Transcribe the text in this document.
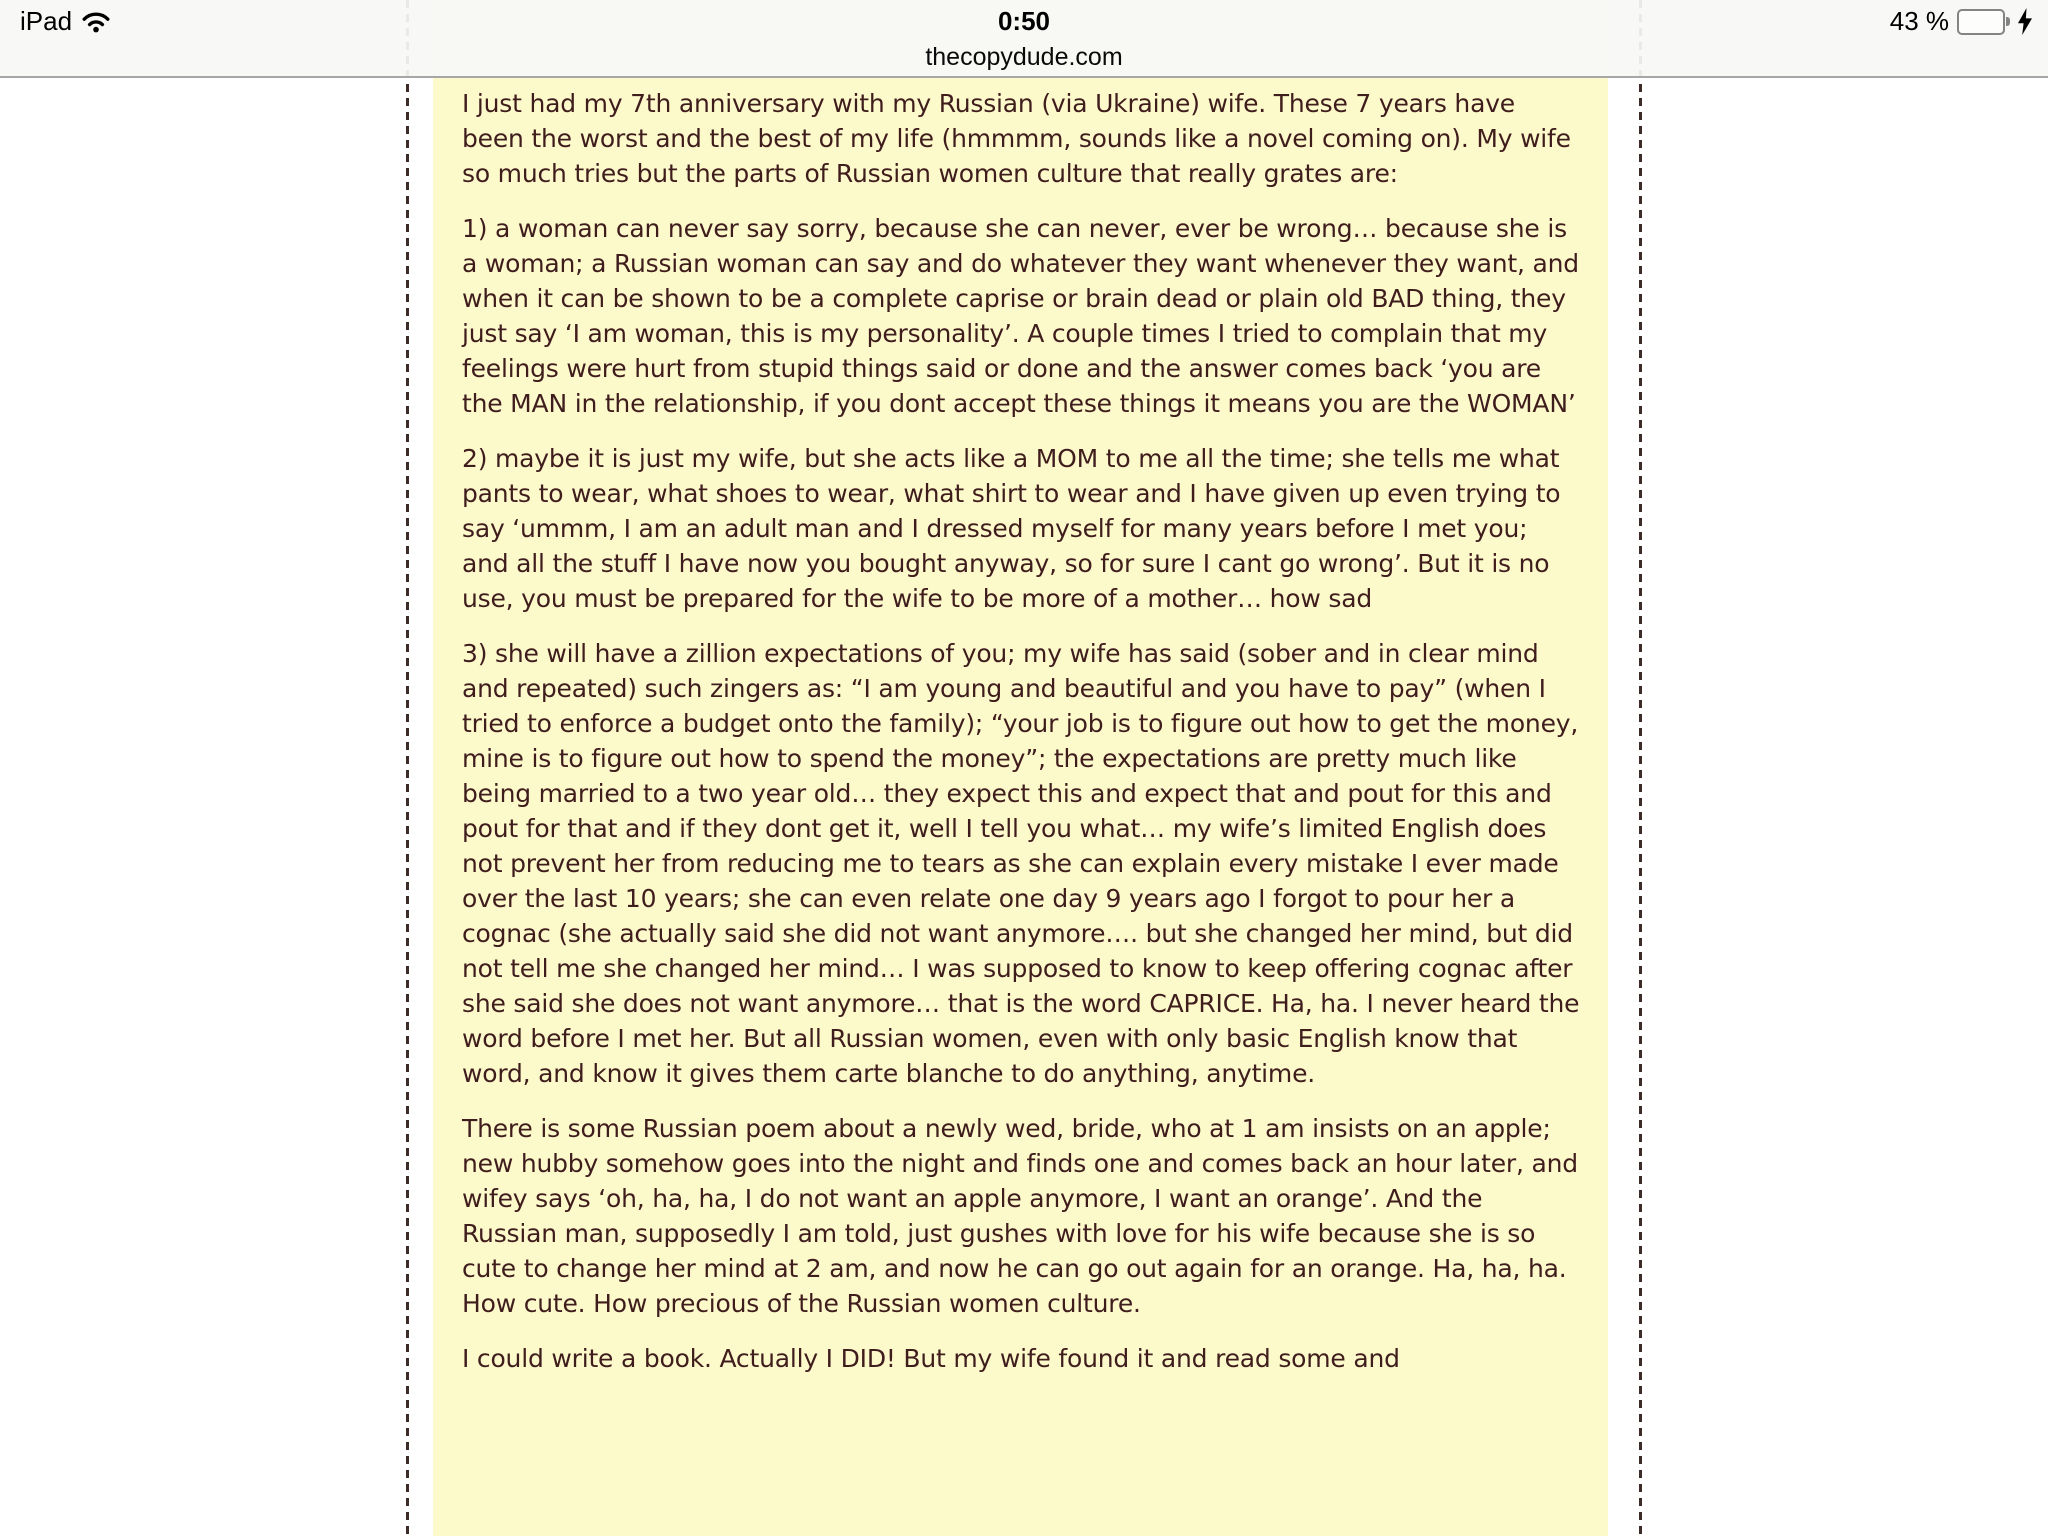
I just had my 7th anniversary with my Russian (via Ukraine) wife. These 7 years have been the worst and the best of my life (hmmmm, sounds like a novel coming on). My wife so much tries but the parts of Russian women culture that really grates are:

1) a woman can never say sorry, because she can never, ever be wrong… because she is a woman; a Russian woman can say and do whatever they want whenever they want, and when it can be shown to be a complete caprise or brain dead or plain old BAD thing, they just say ‘I am woman, this is my personality’. A couple times I tried to complain that my feelings were hurt from stupid things said or done and the answer comes back ‘you are the MAN in the relationship, if you dont accept these things it means you are the WOMAN’

2) maybe it is just my wife, but she acts like a MOM to me all the time; she tells me what pants to wear, what shoes to wear, what shirt to wear and I have given up even trying to say ‘ummm, I am an adult man and I dressed myself for many years before I met you; and all the stuff I have now you bought anyway, so for sure I cant go wrong’. But it is no use, you must be prepared for the wife to be more of a mother… how sad

3) she will have a zillion expectations of you; my wife has said (sober and in clear mind and repeated) such zingers as: “I am young and beautiful and you have to pay” (when I tried to enforce a budget onto the family); “your job is to figure out how to get the money, mine is to figure out how to spend the money”; the expectations are pretty much like being married to a two year old… they expect this and expect that and pout for this and pout for that and if they dont get it, well I tell you what… my wife’s limited English does not prevent her from reducing me to tears as she can explain every mistake I ever made over the last 10 years; she can even relate one day 9 years ago I forgot to pour her a cognac (she actually said she did not want anymore…. but she changed her mind, but did not tell me she changed her mind… I was supposed to know to keep offering cognac after she said she does not want anymore… that is the word CAPRICE. Ha, ha. I never heard the word before I met her. But all Russian women, even with only basic English know that word, and know it gives them carte blanche to do anything, anytime.

There is some Russian poem about a newly wed, bride, who at 1 am insists on an apple; new hubby somehow goes into the night and finds one and comes back an hour later, and wifey says ‘oh, ha, ha, I do not want an apple anymore, I want an orange’. And the Russian man, supposedly I am told, just gushes with love for his wife because she is so cute to change her mind at 2 am, and now he can go out again for an orange. Ha, ha, ha. How cute. How precious of the Russian women culture.

I could write a book. Actually I DID! But my wife found it and read some and

iPad	0:50	43 %
thecopydude.com
